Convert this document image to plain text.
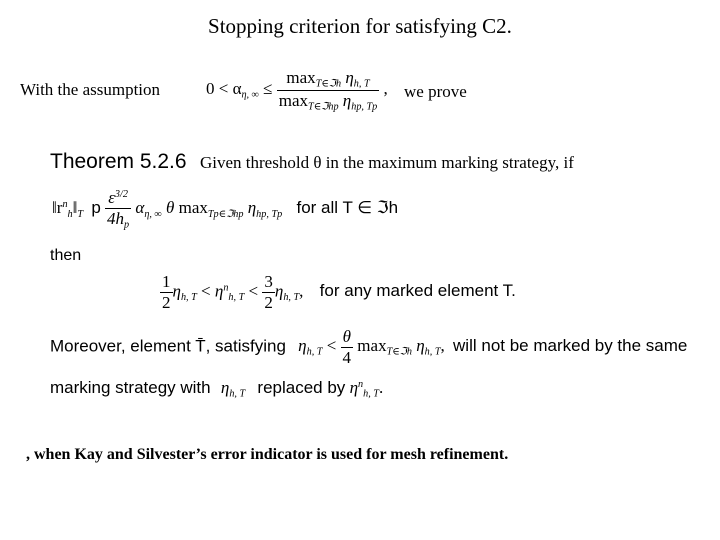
Stopping criterion for satisfying C2.
With the assumption	$0 < \alpha_{\eta, \infty} \le \frac{\max_{T\in ℑh} \eta_{h, T}}{\max_{T\in ℑhp} \eta_{hp, Tp}}$ , we prove
Theorem 5.2.6 Given threshold θ in the maximum marking strategy, if
$‖r^n_h‖_T$ p $\frac{\varepsilon^{3/2}}{4h_p} \alpha_{\eta, \infty}$ θ $\max_{Tp\in ℑhp} \eta_{hp, Tp}$ for all T ∈ ℑh
then
$\frac{1}{2} \eta_{h, T} < \eta^n_{h, T} < \frac{3}{2} \eta_{h, T}$, for any marked element T.
Moreover, element T̄, satisfying $\eta_{h, T} < \frac{\theta}{4} \max_{T\in ℑh} \eta_{h, T}$, will not be marked by the same
marking strategy with $\eta_{h, T}$ replaced by $\eta^n_{h, T}$.
, when Kay and Silvester’s error indicator is used for mesh refinement.
